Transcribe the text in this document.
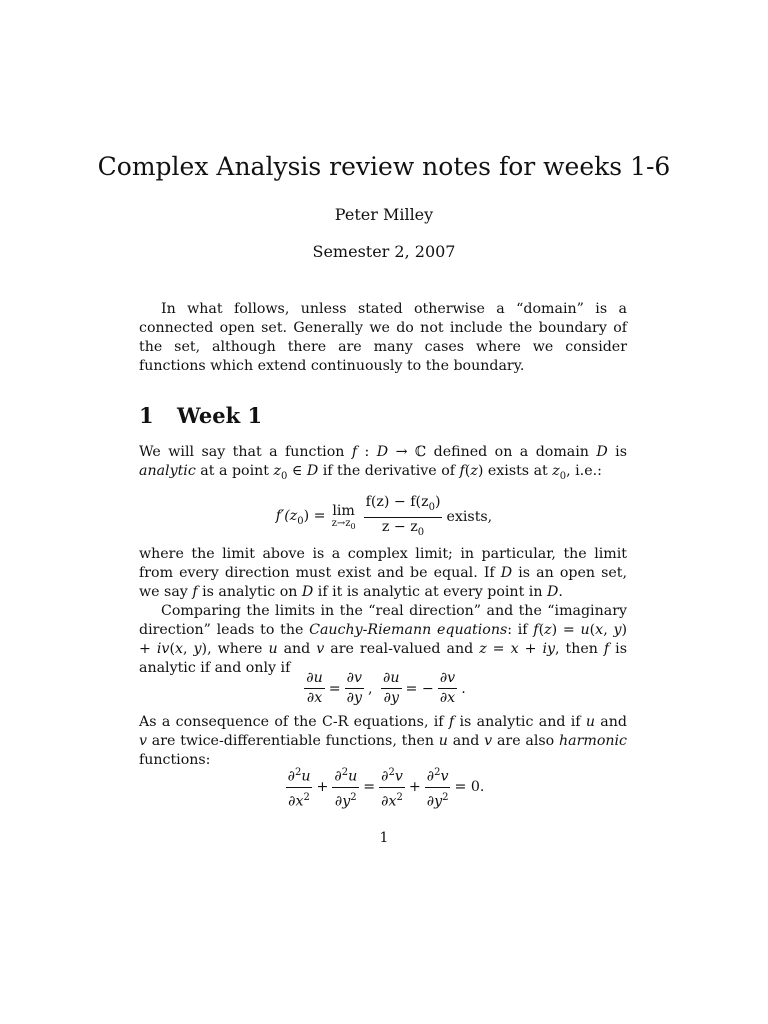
Complex Analysis review notes for weeks 1-6
Peter Milley
Semester 2, 2007
In what follows, unless stated otherwise a “domain” is a connected open set. Generally we do not include the boundary of the set, although there are many cases where we consider functions which extend continuously to the boundary.
1 Week 1
We will say that a function f : D → ℂ defined on a domain D is analytic at a point $z_0$ ∈ D if the derivative of f(z) exists at $z_0$, i.e.:
$f'(z_0) = \lim$
$z\to z_0 \frac{f(z) - f(z_0)}{z - z_0}$ exists,
where the limit above is a complex limit; in particular, the limit from every direction must exist and be equal. If D is an open set, we say f is analytic on D if it is analytic at every point in D.
Comparing the limits in the “real direction” and the “imaginary direction” leads to the Cauchy-Riemann equations: if f(z) = u(x, y) + iv(x, y), where u and v are real-valued and z = x + iy, then f is analytic if and only if
$\frac{\partial u}{\partial x} = \frac{\partial v}{\partial y}$ , $\frac{\partial u}{\partial y}$ = − $\frac{\partial v}{\partial x}$ .
As a consequence of the C-R equations, if f is analytic and if u and v are twice-differentiable functions, then u and v are also harmonic functions:
$\frac{\partial^2u}{\partial x^2} + \frac{\partial^2u}{\partial y^2} = \frac{\partial^2v}{\partial x^2} + \frac{\partial^2v}{\partial y^2} = 0$.
1
